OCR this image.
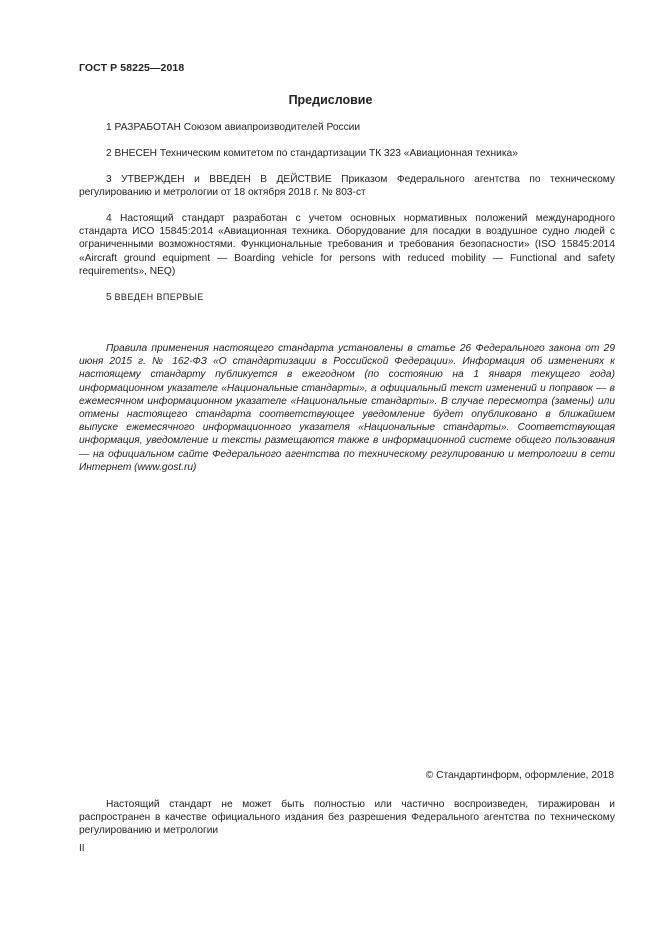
ГОСТ Р 58225—2018
Предисловие
1 РАЗРАБОТАН Союзом авиапроизводителей России
2 ВНЕСЕН Техническим комитетом по стандартизации ТК 323 «Авиационная техника»
3 УТВЕРЖДЕН и ВВЕДЕН В ДЕЙСТВИЕ Приказом Федерального агентства по техническому регулированию и метрологии от 18 октября 2018 г. № 803-ст
4 Настоящий стандарт разработан с учетом основных нормативных положений международного стандарта ИСО 15845:2014 «Авиационная техника. Оборудование для посадки в воздушное судно людей с ограниченными возможностями. Функциональные требования и требования безопасности» (ISO 15845:2014 «Aircraft ground equipment — Boarding vehicle for persons with reduced mobility — Functional and safety requirements», NEQ)
5 ВВЕДЕН ВПЕРВЫЕ
Правила применения настоящего стандарта установлены в статье 26 Федерального закона от 29 июня 2015 г. № 162-ФЗ «О стандартизации в Российской Федерации». Информация об изменениях к настоящему стандарту публикуется в ежегодном (по состоянию на 1 января текущего года) информационном указателе «Национальные стандарты», а официальный текст изменений и поправок — в ежемесячном информационном указателе «Национальные стандарты». В случае пересмотра (замены) или отмены настоящего стандарта соответствующее уведомление будет опубликовано в ближайшем выпуске ежемесячного информационного указателя «Национальные стандарты». Соответствующая информация, уведомление и тексты размещаются также в информационной системе общего пользования — на официальном сайте Федерального агентства по техническому регулированию и метрологии в сети Интернет (www.gost.ru)
© Стандартинформ, оформление, 2018
Настоящий стандарт не может быть полностью или частично воспроизведен, тиражирован и распространен в качестве официального издания без разрешения Федерального агентства по техническому регулированию и метрологии
II
